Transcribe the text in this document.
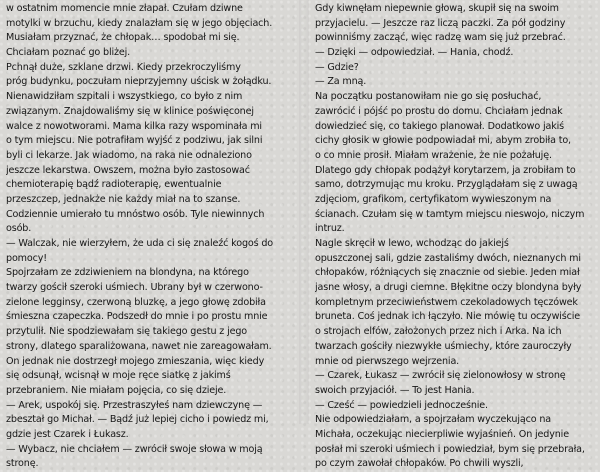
w ostatnim momencie mnie złapał. Czułam dziwne
motylki w brzuchu, kiedy znalazłam się w jego objęciach.
Musiałam przyznać, że chłopak… spodobał mi się.
Chciałam poznać go bliżej.
Pchnął duże, szklane drzwi. Kiedy przekroczyliśmy
próg budynku, poczułam nieprzyjemny uścisk w żołądku.
Nienawidziłam szpitali i wszystkiego, co było z nim
związanym. Znajdowaliśmy się w klinice poświęconej
walce z nowotworami. Mama kilka razy wspominała mi
o tym miejscu. Nie potrafiłam wyjść z podziwu, jak silni
byli ci lekarze. Jak wiadomo, na raka nie odnaleziono
jeszcze lekarstwa. Owszem, można było zastosować
chemioterapię bądź radioterapię, ewentualnie
przeszczep, jednakże nie każdy miał na to szanse.
Codziennie umierało tu mnóstwo osób. Tyle niewinnych
osób.
— Walczak, nie wierzyłem, że uda ci się znaleźć kogoś do
pomocy!
Spojrzałam ze zdziwieniem na blondyna, na którego
twarzy gościł szeroki uśmiech. Ubrany był w czerwono-
zielone legginsy, czerwoną bluzkę, a jego głowę zdobiła
śmieszna czapeczka. Podszedł do mnie i po prostu mnie
przytulił. Nie spodziewałam się takiego gestu z jego
strony, dlatego sparaliżowana, nawet nie zareagowałam.
On jednak nie dostrzegł mojego zmieszania, więc kiedy
się odsunął, wcisnął w moje ręce siatkę z jakimś
przebraniem. Nie miałam pojęcia, co się dzieje.
— Arek, uspokój się. Przestraszyłeś nam dziewczynę —
zbeształ go Michał. — Bądź już lepiej cicho i powiedz mi,
gdzie jest Czarek i Łukasz.
— Wybacz, nie chciałem — zwrócił swoje słowa w moją
stronę.
Gdy kiwnęłam niepewnie głową, skupił się na swoim
przyjacielu. — Jeszcze raz liczą paczki. Za pół godziny
powinniśmy zacząć, więc radzę wam się już przebrać.
— Dzięki — odpowiedział. — Hania, chodź.
— Gdzie?
— Za mną.
Na początku postanowiłam nie go się posłuchać,
zawrócić i pójść po prostu do domu. Chciałam jednak
dowiedzieć się, co takiego planował. Dodatkowo jakiś
cichy głosik w głowie podpowiadał mi, abym zrobiła to,
o co mnie prosił. Miałam wrażenie, że nie pożałuję.
Dlatego gdy chłopak podążył korytarzem, ja zrobiłam to
samo, dotrzymując mu kroku. Przyglądałam się z uwagą
zdjęciom, grafikom, certyfikatom wywieszonym na
ścianach. Czułam się w tamtym miejscu nieswojo, niczym
intruz.
Nagle skręcił w lewo, wchodząc do jakiejś
opuszczonej sali, gdzie zastaliśmy dwóch, nieznanych mi
chłopaków, różniących się znacznie od siebie. Jeden miał
jasne włosy, a drugi ciemne. Błękitne oczy blondyna były
kompletnym przeciwieństwem czekoladowych tęczówek
bruneta. Coś jednak ich łączyło. Nie mówię tu oczywiście
o strojach elfów, założonych przez nich i Arka. Na ich
twarzach gościły niezwykłe uśmiechy, które zauroczyły
mnie od pierwszego wejrzenia.
— Czarek, Łukasz — zwrócił się zielonowłosy w stronę
swoich przyjaciół. — To jest Hania.
— Cześć — powiedzieli jednocześnie.
Nie odpowiedziałam, a spojrzałam wyczekująco na
Michała, oczekując niecierpliwie wyjaśnień. On jedynie
posłał mi szeroki uśmiech i powiedział, bym się przebrała,
po czym zawołał chłopaków. Po chwili wyszli,
